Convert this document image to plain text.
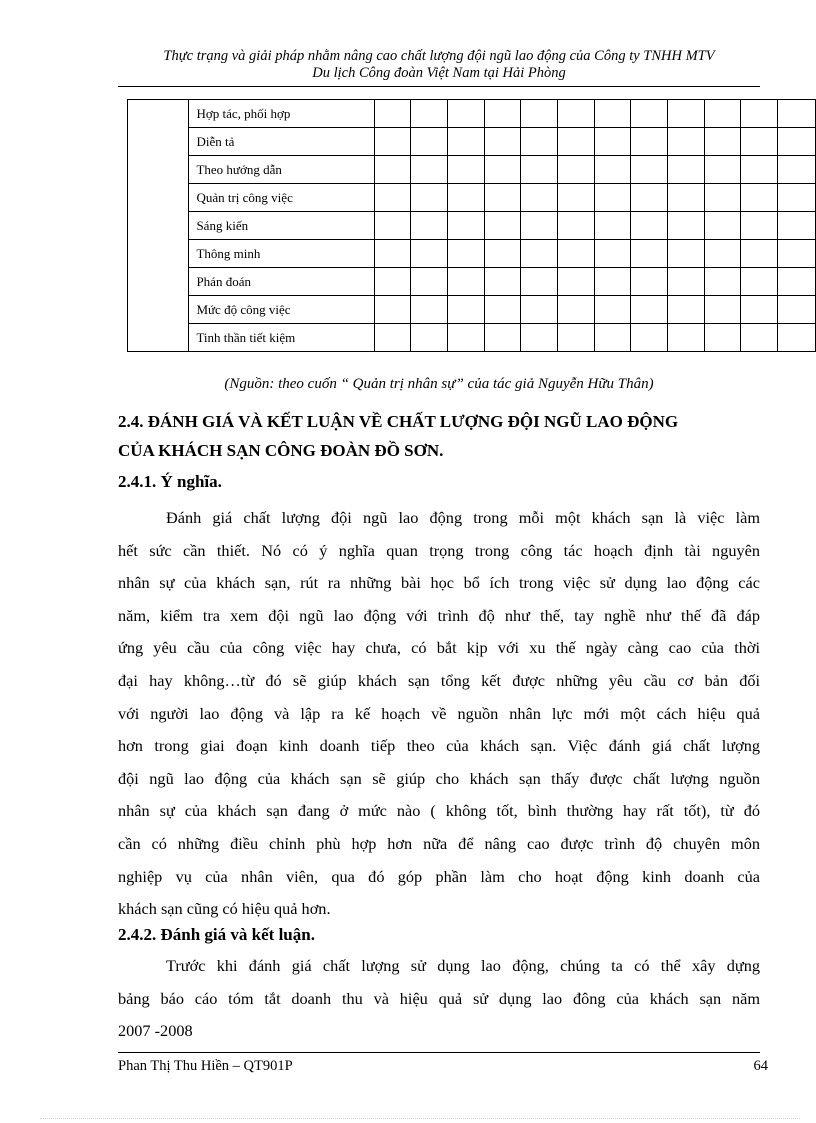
Thực trạng và giải pháp nhằm nâng cao chất lượng đội ngũ lao động của Công ty TNHH MTV
Du lịch Công đoàn Việt Nam tại Hải Phòng
	Hợp tác, phối hợp												
	Diễn tả												
	Theo hướng dẫn												
	Quản trị công việc												
	Sáng kiến												
	Thông minh												
	Phán đoán												
	Mức độ công việc												
	Tinh thần tiết kiệm												
(Nguồn: theo cuốn “ Quản trị nhân sự” của tác giả Nguyễn Hữu Thân)
2.4. ĐÁNH GIÁ VÀ KẾT LUẬN VỀ CHẤT LƯỢNG ĐỘI NGŨ LAO ĐỘNG
CỦA KHÁCH SẠN CÔNG ĐOÀN ĐỒ SƠN.
2.4.1. Ý nghĩa.
Đánh giá chất lượng đội ngũ lao động trong mỗi một khách sạn là việc làm
hết sức cần thiết. Nó có ý nghĩa quan trọng trong công tác hoạch định tài nguyên
nhân sự của khách sạn, rút ra những bài học bổ ích trong việc sử dụng lao động các
năm, kiểm tra xem đội ngũ lao động với trình độ như thế, tay nghề như thế đã đáp
ứng yêu cầu của công việc hay chưa, có bắt kịp với xu thế ngày càng cao của thời
đại hay không…từ đó sẽ giúp khách sạn tổng kết được những yêu cầu cơ bản đối
với người lao động và lập ra kế hoạch về nguồn nhân lực mới một cách hiệu quả
hơn trong giai đoạn kinh doanh tiếp theo của khách sạn. Việc đánh giá chất lượng
đội ngũ lao động của khách sạn sẽ giúp cho khách sạn thấy được chất lượng nguồn
nhân sự của khách sạn đang ở mức nào ( không tốt, bình thường hay rất tốt), từ đó
cần có những điều chỉnh phù hợp hơn nữa để nâng cao được trình độ chuyên môn
nghiệp vụ của nhân viên, qua đó góp phần làm cho hoạt động kinh doanh của
khách sạn cũng có hiệu quả hơn.
2.4.2. Đánh giá và kết luận.
Trước khi đánh giá chất lượng sử dụng lao động, chúng ta có thể xây dựng
bảng báo cáo tóm tắt doanh thu và hiệu quả sử dụng lao đông của khách sạn năm
2007 -2008
Phan Thị Thu Hiền – QT901P	64
